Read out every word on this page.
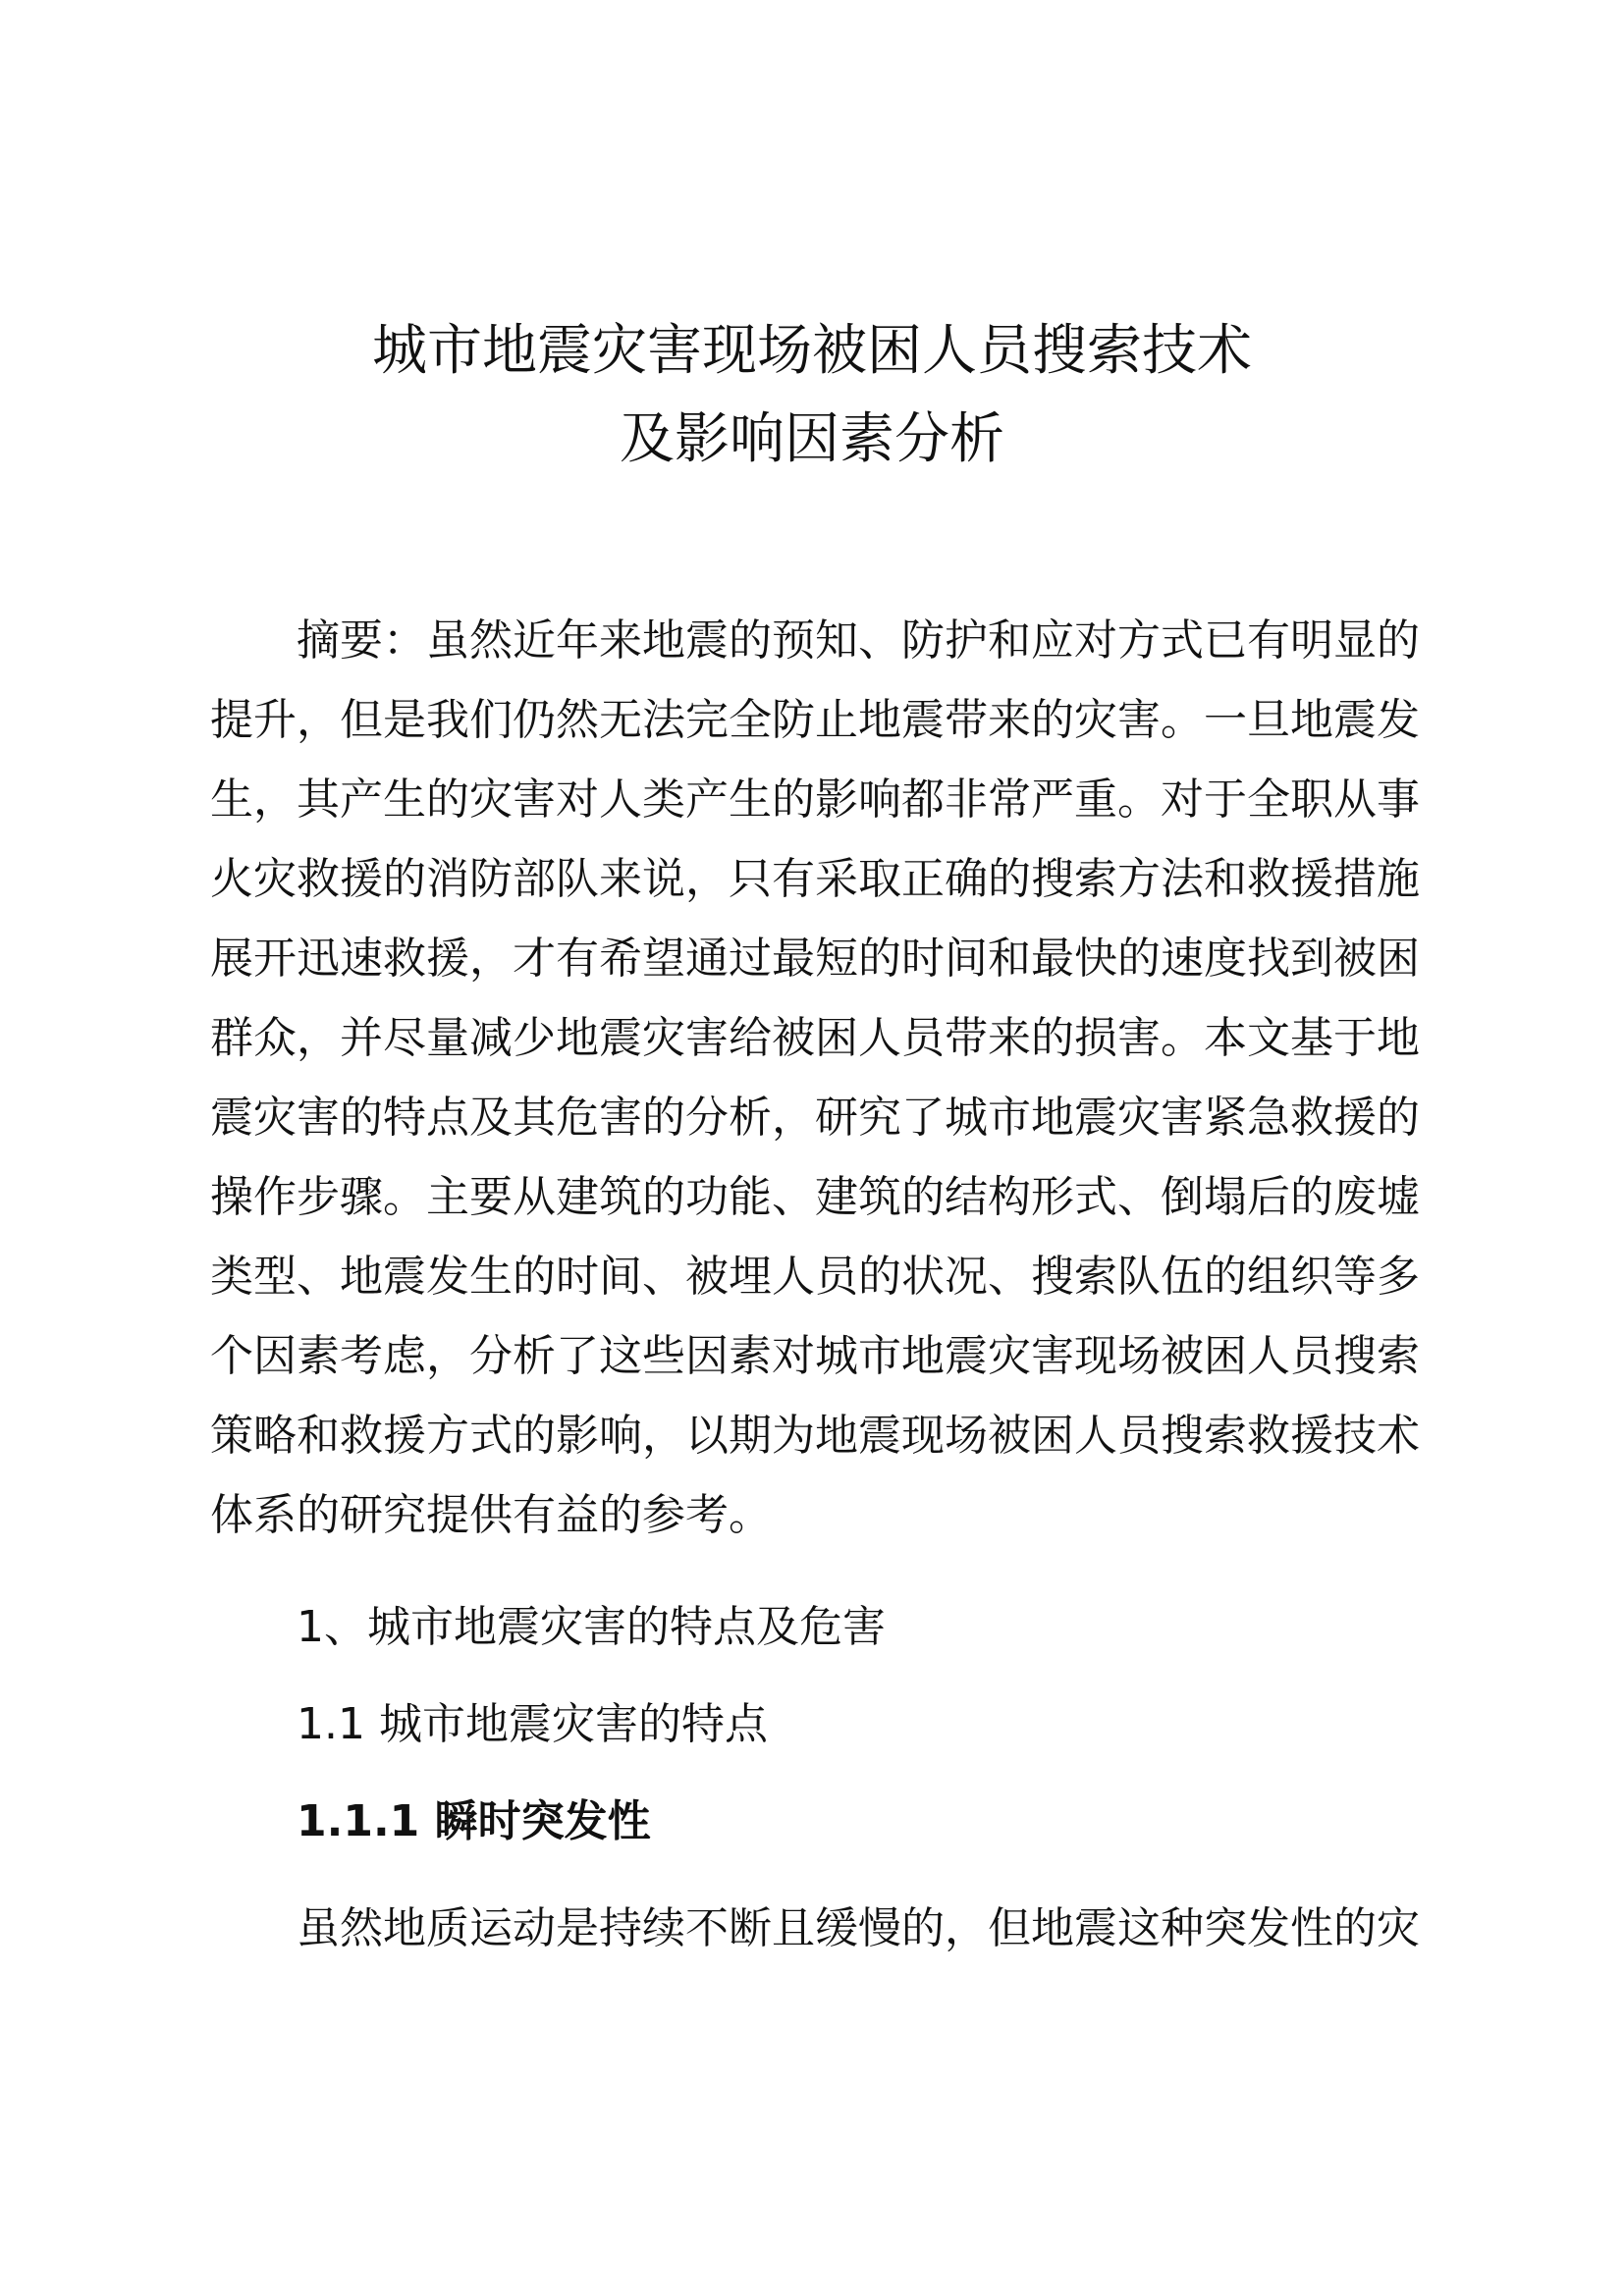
城市地震灾害现场被困人员搜索技术
及影响因素分析
摘要：虽然近年来地震的预知、防护和应对方式已有明显的
提升，但是我们仍然无法完全防止地震带来的灾害。一旦地震发
生，其产生的灾害对人类产生的影响都非常严重。对于全职从事
火灾救援的消防部队来说，只有采取正确的搜索方法和救援措施
展开迅速救援，才有希望通过最短的时间和最快的速度找到被困
群众，并尽量减少地震灾害给被困人员带来的损害。本文基于地
震灾害的特点及其危害的分析，研究了城市地震灾害紧急救援的
操作步骤。主要从建筑的功能、建筑的结构形式、倒塌后的废墟
类型、地震发生的时间、被埋人员的状况、搜索队伍的组织等多
个因素考虑，分析了这些因素对城市地震灾害现场被困人员搜索
策略和救援方式的影响，以期为地震现场被困人员搜索救援技术
体系的研究提供有益的参考。
1、城市地震灾害的特点及危害
1.1 城市地震灾害的特点
1.1.1 瞬时突发性

虽然地质运动是持续不断且缓慢的，但地震这种突发性的灾
